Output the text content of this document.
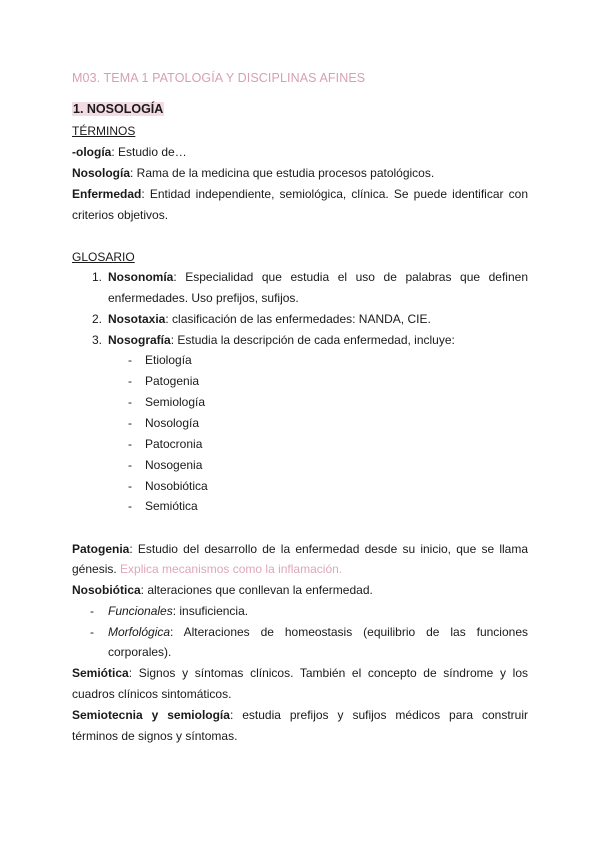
M03. TEMA 1 PATOLOGÍA Y DISCIPLINAS AFINES
1. NOSOLOGÍA
TÉRMINOS
-ología: Estudio de…
Nosología: Rama de la medicina que estudia procesos patológicos.
Enfermedad: Entidad independiente, semiológica, clínica. Se puede identificar con
criterios objetivos.
GLOSARIO
1. Nosonomía: Especialidad que estudia el uso de palabras que definen
enfermedades. Uso prefijos, sufijos.
2. Nosotaxia: clasificación de las enfermedades: NANDA, CIE.
3. Nosografía: Estudia la descripción de cada enfermedad, incluye:
- Etiología
- Patogenia
- Semiología
- Nosología
- Patocronia
- Nosogenia
- Nosobiótica
- Semiótica
Patogenia: Estudio del desarrollo de la enfermedad desde su inicio, que se llama
génesis. Explica mecanismos como la inflamación.
Nosobiótica: alteraciones que conllevan la enfermedad.
- Funcionales: insuficiencia.
- Morfológica: Alteraciones de homeostasis (equilibrio de las funciones
corporales).
Semiótica: Signos y síntomas clínicos. También el concepto de síndrome y los
cuadros clínicos sintomáticos.
Semiotecnia y semiología: estudia prefijos y sufijos médicos para construir
términos de signos y síntomas.
